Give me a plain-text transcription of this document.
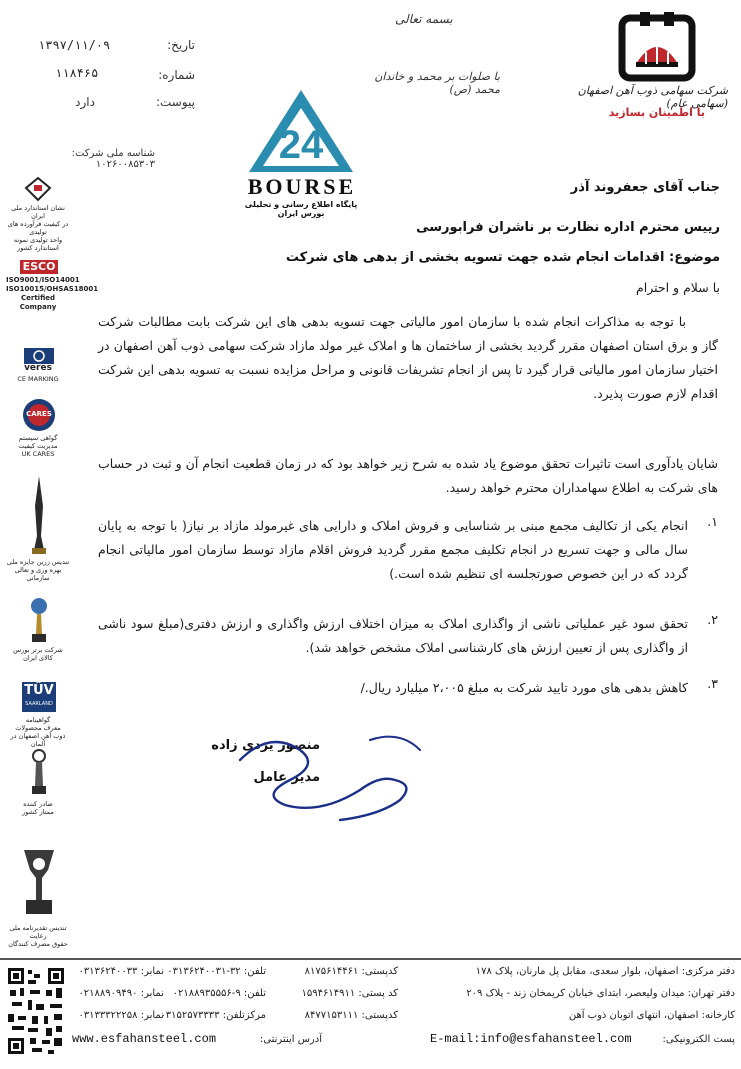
بسمه تعالی
با صلوات بر محمد و خاندان محمد (ص)
تاریخ:
۱۳۹۷/۱۱/۰۹
شماره:
۱۱۸۴۶۵
پیوست:
دارد
شناسه ملی شرکت: ۱۰۲۶۰۰۸۵۳۰۳
شرکت سهامی ذوب آهن اصفهان (سهامی عام)
با اطمینان بسازید
24
BOURSE
پایگاه اطلاع رسانی و تحلیلی بورس ایران
نشان استاندارد ملی ایران
در کیفیت فرآورده های تولیدی
واحد تولیدی نمونه استاندارد کشور
ESCO
ISO9001/ISO14001
ISO10015/OHSAS18001
Certified Company
veres
CE MARKING
CARES
گواهی سیستم
مدیریت کیفیت
UK CARES
تندیس زرین جایزه ملی
بهره وری و تعالی سازمانی
شرکت برتر بورس
کالای ایران
TÜV
SAARLAND
گواهینامه
معرف محصولات
ذوب آهن اصفهان در آلمان
صادر کننده
ممتاز کشور
تندیس تقدیرنامه ملی رعایت
حقوق مصرف کنندگان
جناب آقای جعفروند آذر
رییس محترم اداره نظارت بر ناشران فرابورسی
موضوع: اقدامات انجام شده جهت تسویه بخشی از بدهی های شرکت
با سلام و احترام
با توجه به مذاکرات انجام شده با سازمان امور مالیاتی جهت تسویه بدهی های این شرکت بابت مطالبات شرکت گاز و برق استان اصفهان مقرر گردید بخشی از ساختمان ها و املاک غیر مولد مازاد شرکت سهامی ذوب آهن اصفهان در اختیار سازمان امور مالیاتی قرار گیرد تا پس از انجام تشریفات قانونی و مراحل مزایده نسبت به تسویه بدهی این شرکت اقدام لازم صورت پذیرد.
شایان یادآوری است تاثیرات تحقق موضوع یاد شده به شرح زیر خواهد بود که در زمان قطعیت انجام آن و ثبت در حساب های شرکت به اطلاع سهامداران محترم خواهد رسید.
۱.
انجام یکی از تکالیف مجمع مبنی بر شناسایی و فروش املاک و دارایی های غیرمولد مازاد بر نیاز( با توجه به پایان سال مالی و جهت تسریع در انجام تکلیف مجمع مقرر گردید فروش اقلام مازاد توسط سازمان امور مالیاتی انجام گردد که در این خصوص صورتجلسه ای تنظیم شده است.)
۲.
تحقق سود غیر عملیاتی ناشی از واگذاری املاک به میزان اختلاف ارزش واگذاری و ارزش دفتری(مبلغ سود ناشی از واگذاری پس از تعیین ارزش های کارشناسی املاک مشخص خواهد شد).
۳.
کاهش بدهی های مورد تایید شرکت به مبلغ ۲،۰۰۵ میلیارد ریال./
منصور یزدی زاده
مدیر عامل
دفتر مرکزی: اصفهان، بلوار سعدی، مقابل پل مارنان، پلاک ۱۷۸
کدپستی: ۸۱۷۵۶۱۴۴۶۱
تلفن: ۳۲-۰۳۱۳۶۲۴۰۰۳۱
نمابر: ۰۳۱۳۶۲۴۰۰۳۳
دفتر تهران: میدان ولیعصر، ابتدای خیابان کریمخان زند - پلاک ۲۰۹
کد پستی: ۱۵۹۴۶۱۴۹۱۱
تلفن: ۹-۰۲۱۸۸۹۳۵۵۵۶
نمابر: ۰۲۱۸۸۹۰۹۴۹۰
کارخانه: اصفهان، انتهای اتوبان ذوب آهن
کدپستی: ۸۴۷۷۱۵۳۱۱۱
مرکزتلفن: ۰۳۱۵۲۵۷۳۳۳۳
نمابر: ۰۳۱۳۳۳۲۲۲۵۸
پست الکترونیکی:
E-mail:info@esfahansteel.com
آدرس اینترنتی:
www.esfahansteel.com
